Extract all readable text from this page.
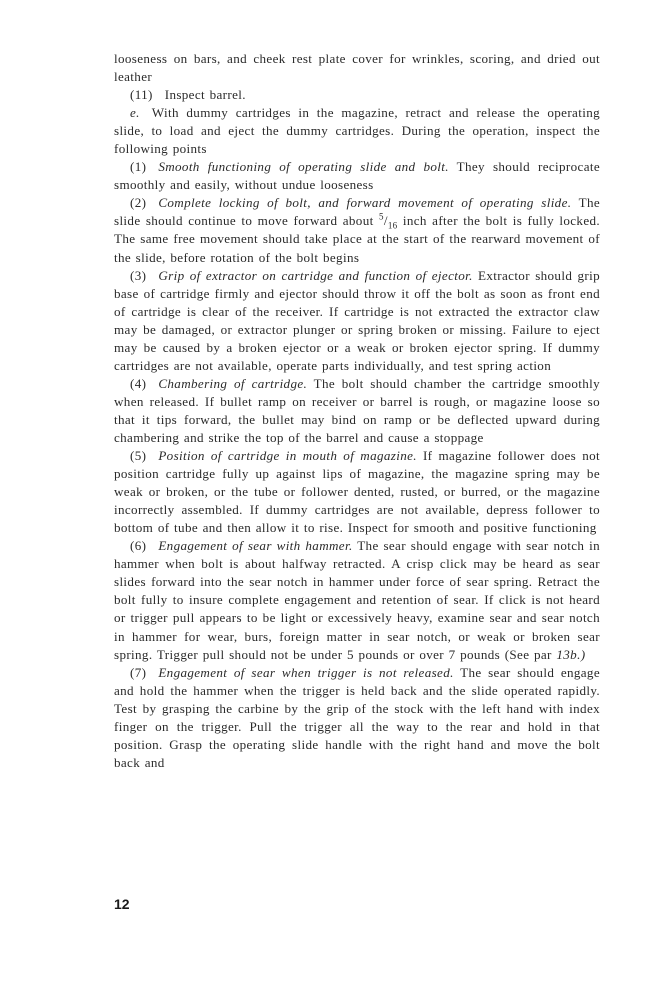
looseness on bars, and cheek rest plate cover for wrinkles, scoring, and dried out leather

(11) Inspect barrel.

e. With dummy cartridges in the magazine, retract and release the operating slide, to load and eject the dummy cartridges. During the operation, inspect the following points

(1) Smooth functioning of operating slide and bolt. They should reciprocate smoothly and easily, without undue looseness

(2) Complete locking of bolt, and forward movement of operating slide. The slide should continue to move forward about $^5/_{16}$ inch after the bolt is fully locked. The same free movement should take place at the start of the rearward movement of the slide, before rotation of the bolt begins

(3) Grip of extractor on cartridge and function of ejector. Extractor should grip base of cartridge firmly and ejector should throw it off the bolt as soon as front end of cartridge is clear of the receiver. If cartridge is not extracted the extractor claw may be damaged, or extractor plunger or spring broken or missing. Failure to eject may be caused by a broken ejector or a weak or broken ejector spring. If dummy cartridges are not available, operate parts individually, and test spring action

(4) Chambering of cartridge. The bolt should chamber the cartridge smoothly when released. If bullet ramp on receiver or barrel is rough, or magazine loose so that it tips forward, the bullet may bind on ramp or be deflected upward during chambering and strike the top of the barrel and cause a stoppage

(5) Position of cartridge in mouth of magazine. If magazine follower does not position cartridge fully up against lips of magazine, the magazine spring may be weak or broken, or the tube or follower dented, rusted, or burred, or the magazine incorrectly assembled. If dummy cartridges are not available, depress follower to bottom of tube and then allow it to rise. Inspect for smooth and positive functioning

(6) Engagement of sear with hammer. The sear should engage with sear notch in hammer when bolt is about halfway retracted. A crisp click may be heard as sear slides forward into the sear notch in hammer under force of sear spring. Retract the bolt fully to insure complete engagement and retention of sear. If click is not heard or trigger pull appears to be light or excessively heavy, examine sear and sear notch in hammer for wear, burs, foreign matter in sear notch, or weak or broken sear spring. Trigger pull should not be under 5 pounds or over 7 pounds (See par 13b.)

(7) Engagement of sear when trigger is not released. The sear should engage and hold the hammer when the trigger is held back and the slide operated rapidly. Test by grasping the carbine by the grip of the stock with the left hand with index finger on the trigger. Pull the trigger all the way to the rear and hold in that position. Grasp the operating slide handle with the right hand and move the bolt back and

12
